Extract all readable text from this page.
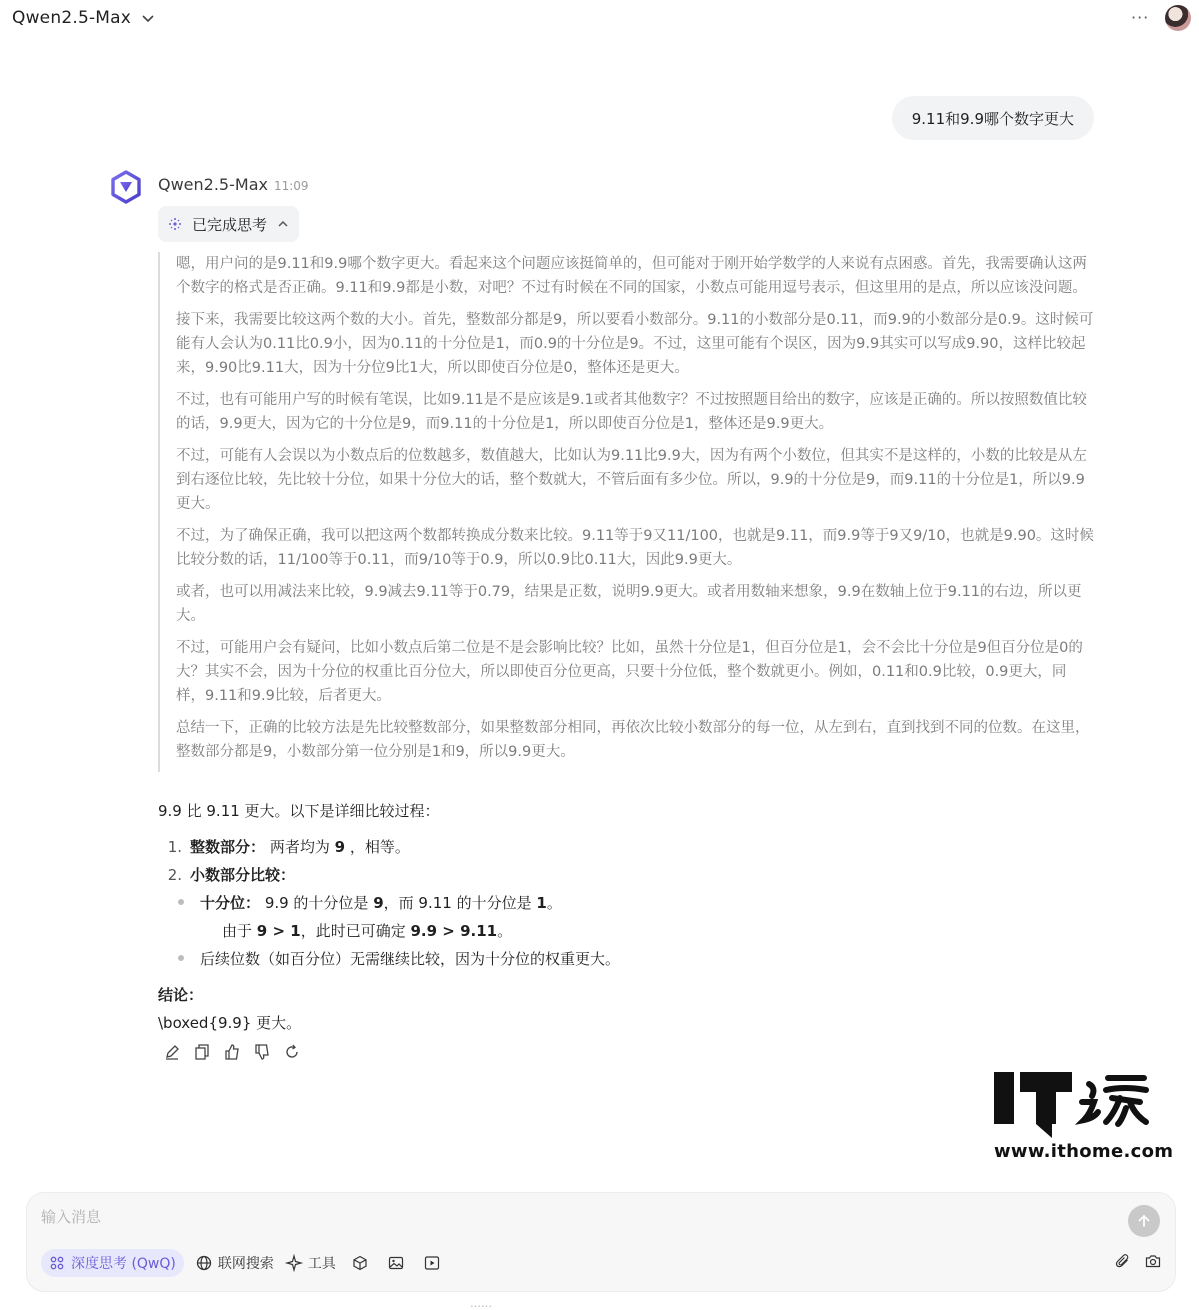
Qwen2.5-Max	···
9.11和9.9哪个数字更大
Qwen2.5-Max 11:09
已完成思考

嗯，用户问的是9.11和9.9哪个数字更大。看起来这个问题应该挺简单的，但可能对于刚开始学数学的人来说有点困惑。首先，我需要确认这两个数字的格式是否正确。9.11和9.9都是小数，对吧？不过有时候在不同的国家，小数点可能用逗号表示，但这里用的是点，所以应该没问题。

接下来，我需要比较这两个数的大小。首先，整数部分都是9，所以要看小数部分。9.11的小数部分是0.11，而9.9的小数部分是0.9。这时候可能有人会认为0.11比0.9小，因为0.11的十分位是1，而0.9的十分位是9。不过，这里可能有个误区，因为9.9其实可以写成9.90，这样比较起来，9.90比9.11大，因为十分位9比1大，所以即使百分位是0，整体还是更大。

不过，也有可能用户写的时候有笔误，比如9.11是不是应该是9.1或者其他数字？不过按照题目给出的数字，应该是正确的。所以按照数值比较的话，9.9更大，因为它的十分位是9，而9.11的十分位是1，所以即使百分位是1，整体还是9.9更大。

不过，可能有人会误以为小数点后的位数越多，数值越大，比如认为9.11比9.9大，因为有两个小数位，但其实不是这样的，小数的比较是从左到右逐位比较，先比较十分位，如果十分位大的话，整个数就大，不管后面有多少位。所以，9.9的十分位是9，而9.11的十分位是1，所以9.9更大。

不过，为了确保正确，我可以把这两个数都转换成分数来比较。9.11等于9又11/100，也就是9.11，而9.9等于9又9/10，也就是9.90。这时候比较分数的话，11/100等于0.11，而9/10等于0.9，所以0.9比0.11大，因此9.9更大。

或者，也可以用减法来比较，9.9减去9.11等于0.79，结果是正数，说明9.9更大。或者用数轴来想象，9.9在数轴上位于9.11的右边，所以更大。

不过，可能用户会有疑问，比如小数点后第二位是不是会影响比较？比如，虽然十分位是1，但百分位是1，会不会比十分位是9但百分位是0的大？其实不会，因为十分位的权重比百分位大，所以即使百分位更高，只要十分位低，整个数就更小。例如，0.11和0.9比较，0.9更大，同样，9.11和9.9比较，后者更大。

总结一下，正确的比较方法是先比较整数部分，如果整数部分相同，再依次比较小数部分的每一位，从左到右，直到找到不同的位数。在这里，整数部分都是9，小数部分第一位分别是1和9，所以9.9更大。

9.9 比 9.11 更大。以下是详细比较过程：
1. 整数部分： 两者均为 9 ，相等。
2. 小数部分比较：
十分位： 9.9 的十分位是 9，而 9.11 的十分位是 1。
由于 9 > 1，此时已可确定 9.9 > 9.11。
后续位数（如百分位）无需继续比较，因为十分位的权重更大。
结论：
\boxed{9.9} 更大。
www.ithome.com
输入消息
深度思考 (QwQ)	联网搜索 工具
……
